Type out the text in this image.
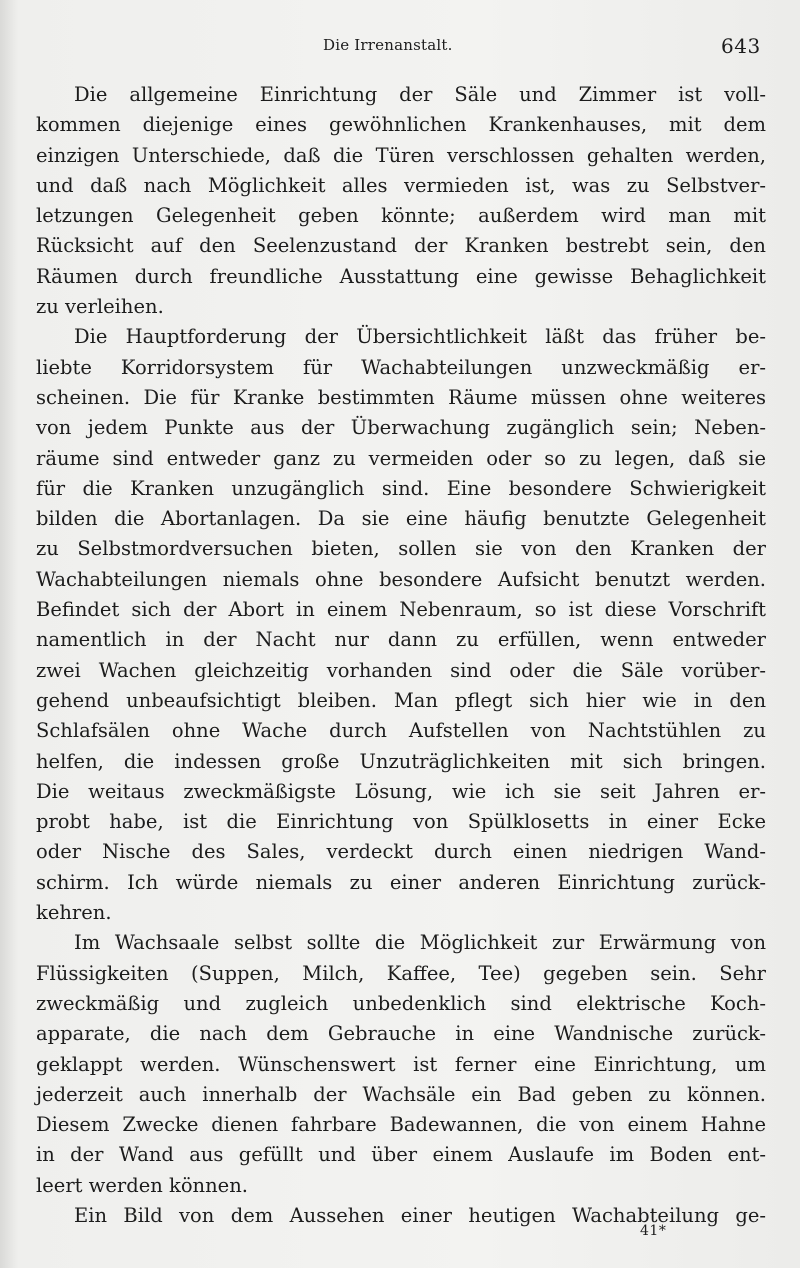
Die Irrenanstalt.	643
Die allgemeine Einrichtung der Säle und Zimmer ist voll-
kommen diejenige eines gewöhnlichen Krankenhauses, mit dem
einzigen Unterschiede, daß die Türen verschlossen gehalten werden,
und daß nach Möglichkeit alles vermieden ist, was zu Selbstver-
letzungen Gelegenheit geben könnte; außerdem wird man mit
Rücksicht auf den Seelenzustand der Kranken bestrebt sein, den
Räumen durch freundliche Ausstattung eine gewisse Behaglichkeit
zu verleihen.
Die Hauptforderung der Übersichtlichkeit läßt das früher be-
liebte Korridorsystem für Wachabteilungen unzweckmäßig er-
scheinen. Die für Kranke bestimmten Räume müssen ohne weiteres
von jedem Punkte aus der Überwachung zugänglich sein; Neben-
räume sind entweder ganz zu vermeiden oder so zu legen, daß sie
für die Kranken unzugänglich sind. Eine besondere Schwierigkeit
bilden die Abortanlagen. Da sie eine häufig benutzte Gelegenheit
zu Selbstmordversuchen bieten, sollen sie von den Kranken der
Wachabteilungen niemals ohne besondere Aufsicht benutzt werden.
Befindet sich der Abort in einem Nebenraum, so ist diese Vorschrift
namentlich in der Nacht nur dann zu erfüllen, wenn entweder
zwei Wachen gleichzeitig vorhanden sind oder die Säle vorüber-
gehend unbeaufsichtigt bleiben. Man pflegt sich hier wie in den
Schlafsälen ohne Wache durch Aufstellen von Nachtstühlen zu
helfen, die indessen große Unzuträglichkeiten mit sich bringen.
Die weitaus zweckmäßigste Lösung, wie ich sie seit Jahren er-
probt habe, ist die Einrichtung von Spülklosetts in einer Ecke
oder Nische des Sales, verdeckt durch einen niedrigen Wand-
schirm. Ich würde niemals zu einer anderen Einrichtung zurück-
kehren.
Im Wachsaale selbst sollte die Möglichkeit zur Erwärmung von
Flüssigkeiten (Suppen, Milch, Kaffee, Tee) gegeben sein. Sehr
zweckmäßig und zugleich unbedenklich sind elektrische Koch-
apparate, die nach dem Gebrauche in eine Wandnische zurück-
geklappt werden. Wünschenswert ist ferner eine Einrichtung, um
jederzeit auch innerhalb der Wachsäle ein Bad geben zu können.
Diesem Zwecke dienen fahrbare Badewannen, die von einem Hahne
in der Wand aus gefüllt und über einem Auslaufe im Boden ent-
leert werden können.
Ein Bild von dem Aussehen einer heutigen Wachabteilung ge-
41*
